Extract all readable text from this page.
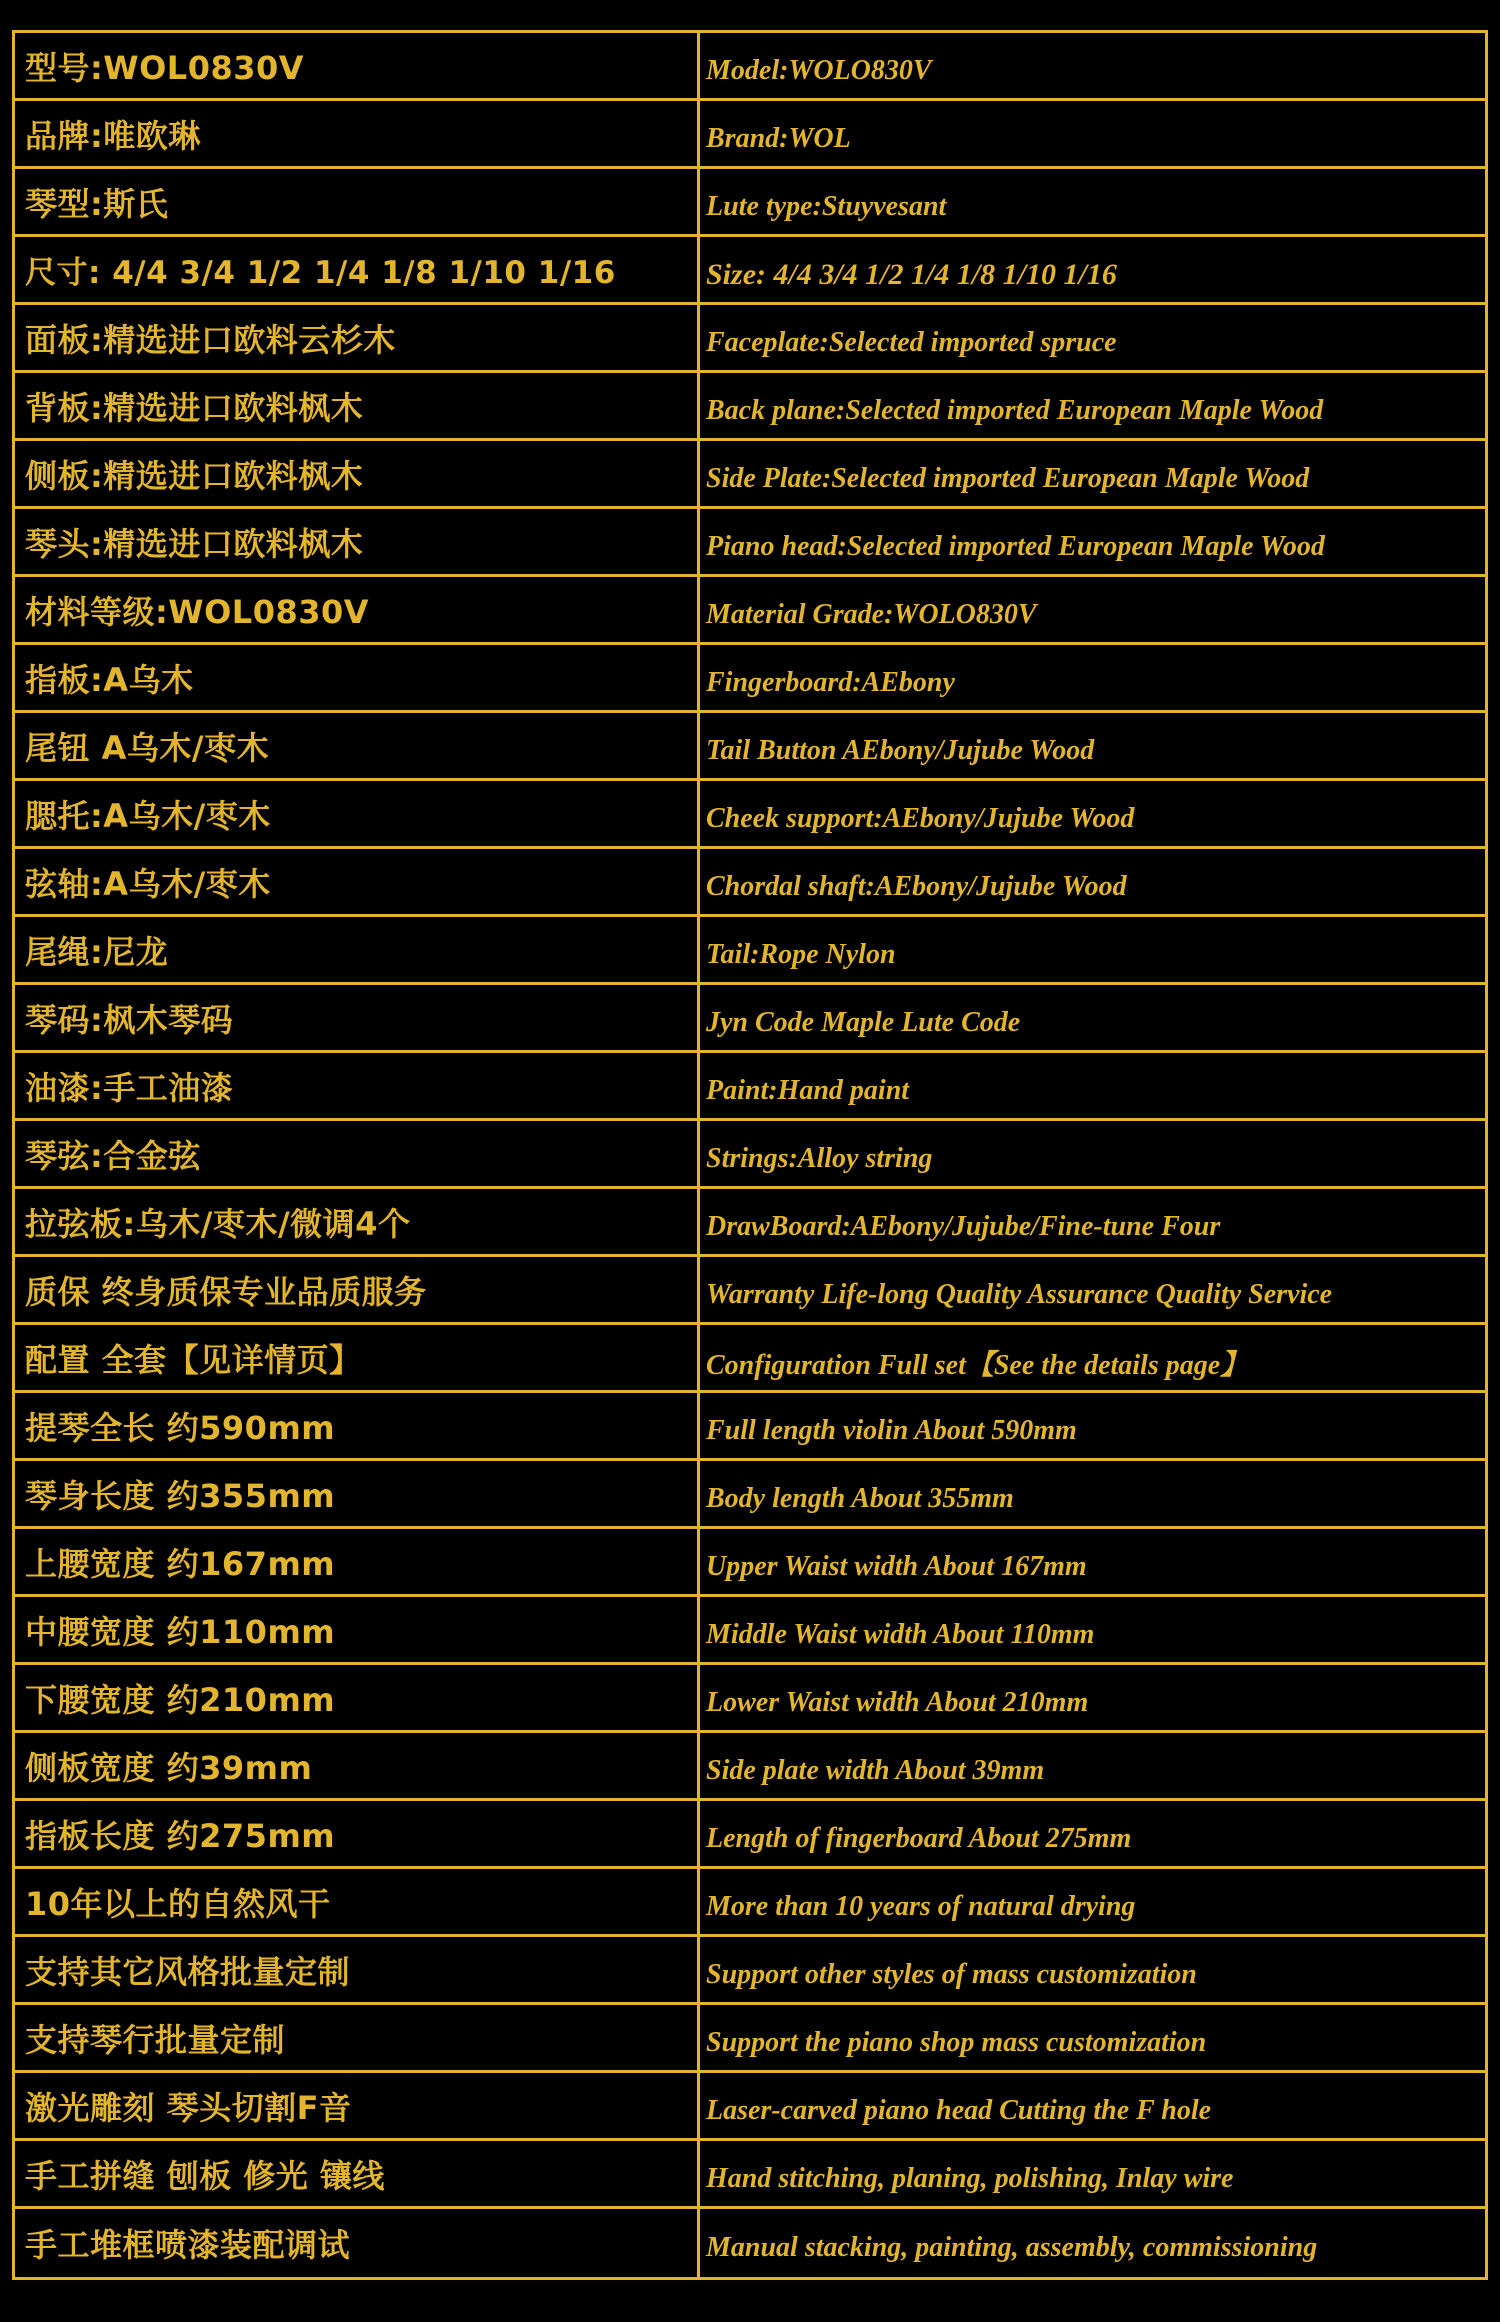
型号:WOL0830V	Model:WOLO830V
品牌:唯欧琳	Brand:WOL
琴型:斯氏	Lute type:Stuyvesant
尺寸: 4/4 3/4 1/2 1/4 1/8 1/10 1/16	Size: 4/4 3/4 1/2 1/4 1/8 1/10 1/16
面板:精选进口欧料云杉木	Faceplate:Selected imported spruce
背板:精选进口欧料枫木	Back plane:Selected imported European Maple Wood
侧板:精选进口欧料枫木	Side Plate:Selected imported European Maple Wood
琴头:精选进口欧料枫木	Piano head:Selected imported European Maple Wood
材料等级:WOL0830V	Material Grade:WOLO830V
指板:A乌木	Fingerboard:AEbony
尾钮 A乌木/枣木	Tail Button AEbony/Jujube Wood
腮托:A乌木/枣木	Cheek support:AEbony/Jujube Wood
弦轴:A乌木/枣木	Chordal shaft:AEbony/Jujube Wood
尾绳:尼龙	Tail:Rope Nylon
琴码:枫木琴码	Jyn Code Maple Lute Code
油漆:手工油漆	Paint:Hand paint
琴弦:合金弦	Strings:Alloy string
拉弦板:乌木/枣木/微调4个	DrawBoard:AEbony/Jujube/Fine-tune Four
质保 终身质保专业品质服务	Warranty Life-long Quality Assurance Quality Service
配置 全套【见详情页】	Configuration Full set【See the details page】
提琴全长 约590mm	Full length violin About 590mm
琴身长度 约355mm	Body length About 355mm
上腰宽度 约167mm	Upper Waist width About 167mm
中腰宽度 约110mm	Middle Waist width About 110mm
下腰宽度 约210mm	Lower Waist width About 210mm
侧板宽度 约39mm	Side plate width About 39mm
指板长度 约275mm	Length of fingerboard About 275mm
10年以上的自然风干	More than 10 years of natural drying
支持其它风格批量定制	Support other styles of mass customization
支持琴行批量定制	Support the piano shop mass customization
激光雕刻 琴头切割F音	Laser-carved piano head Cutting the F hole
手工拼缝 刨板 修光 镶线	Hand stitching, planing, polishing, Inlay wire
手工堆框喷漆装配调试	Manual stacking, painting, assembly, commissioning
